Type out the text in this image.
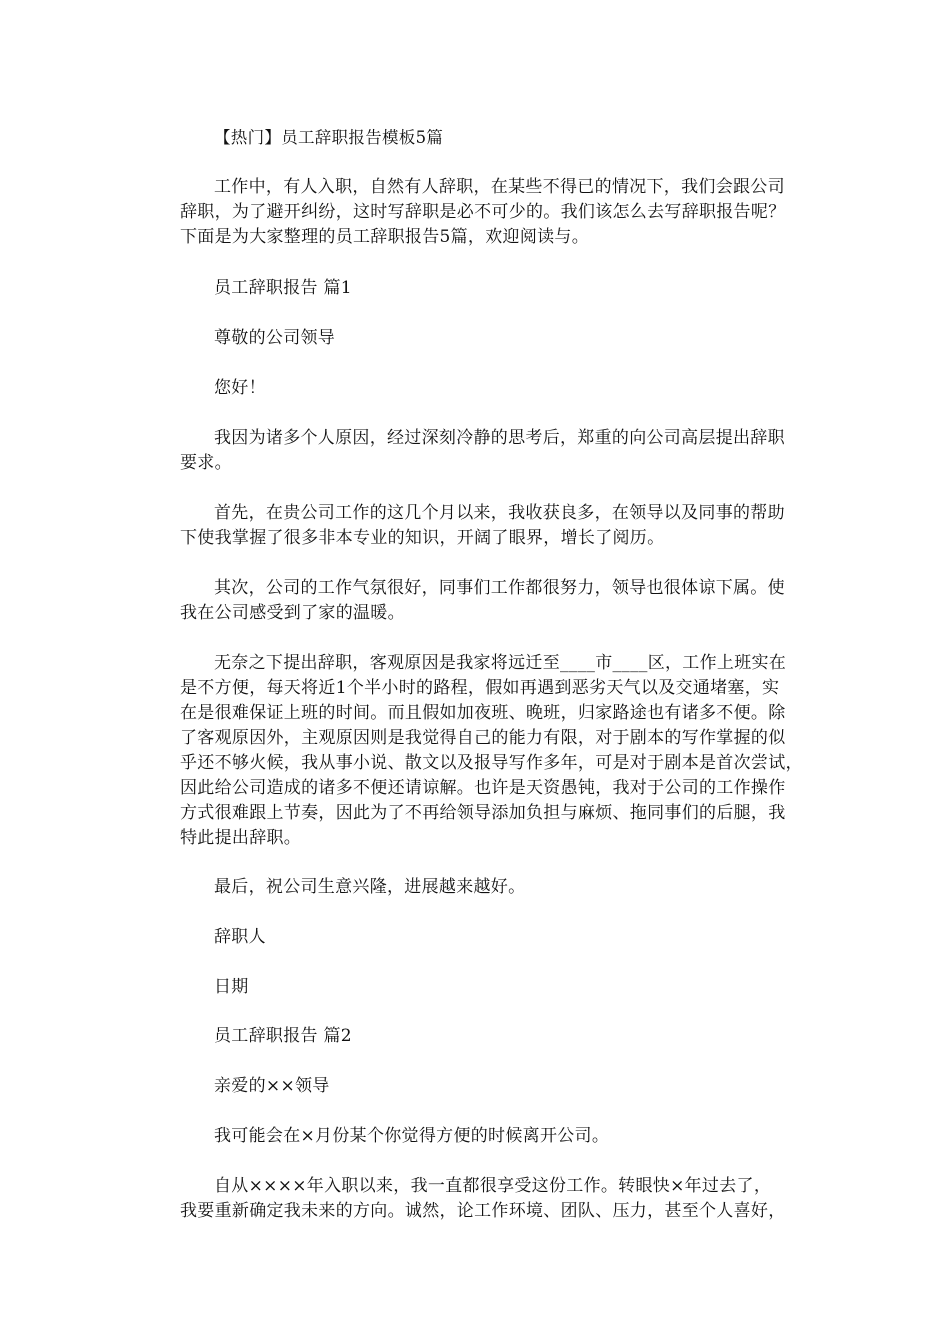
【热门】员工辞职报告模板5篇

工作中，有人入职，自然有人辞职，在某些不得已的情况下，我们会跟公司

辞职，为了避开纠纷，这时写辞职是必不可少的。我们该怎么去写辞职报告呢？

下面是为大家整理的员工辞职报告5篇，欢迎阅读与。

员工辞职报告 篇1

尊敬的公司领导

您好！

我因为诸多个人原因，经过深刻冷静的思考后，郑重的向公司高层提出辞职

要求。

首先，在贵公司工作的这几个月以来，我收获良多，在领导以及同事的帮助

下使我掌握了很多非本专业的知识，开阔了眼界，增长了阅历。

其次，公司的工作气氛很好，同事们工作都很努力，领导也很体谅下属。使

我在公司感受到了家的温暖。

无奈之下提出辞职，客观原因是我家将远迁至____市____区，工作上班实在

是不方便，每天将近1个半小时的路程，假如再遇到恶劣天气以及交通堵塞，实

在是很难保证上班的时间。而且假如加夜班、晚班，归家路途也有诸多不便。除

了客观原因外，主观原因则是我觉得自己的能力有限，对于剧本的写作掌握的似

乎还不够火候，我从事小说、散文以及报导写作多年，可是对于剧本是首次尝试，

因此给公司造成的诸多不便还请谅解。也许是天资愚钝，我对于公司的工作操作

方式很难跟上节奏，因此为了不再给领导添加负担与麻烦、拖同事们的后腿，我

特此提出辞职。

最后，祝公司生意兴隆，进展越来越好。

辞职人

日期

员工辞职报告 篇2

亲爱的××领导

我可能会在×月份某个你觉得方便的时候离开公司。

自从××××年入职以来，我一直都很享受这份工作。转眼快×年过去了，

我要重新确定我未来的方向。诚然，论工作环境、团队、压力，甚至个人喜好，
